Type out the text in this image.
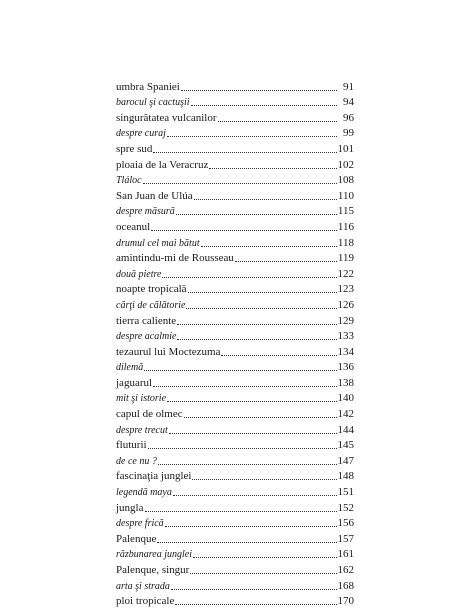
umbra Spaniei	91
barocul şi cactuşii	94
singurătatea vulcanilor	96
despre curaj	99
spre sud	101
ploaia de la Veracruz	102
Tláloc	108
San Juan de Ulúa	110
despre măsură	115
oceanul	116
drumul cel mai bătut	118
amintindu-mi de Rousseau	119
două pietre	122
noapte tropicală	123
cărţi de călătorie	126
tierra caliente	129
despre acalmie	133
tezaurul lui Moctezuma	134
dilemă	136
jaguarul	138
mit şi istorie	140
capul de olmec	142
despre trecut	144
fluturii	145
de ce nu ?	147
fascinaţia junglei	148
legendă maya	151
jungla	152
despre frică	156
Palenque	157
răzbunarea junglei	161
Palenque, singur	162
arta şi strada	168
ploi tropicale	170
